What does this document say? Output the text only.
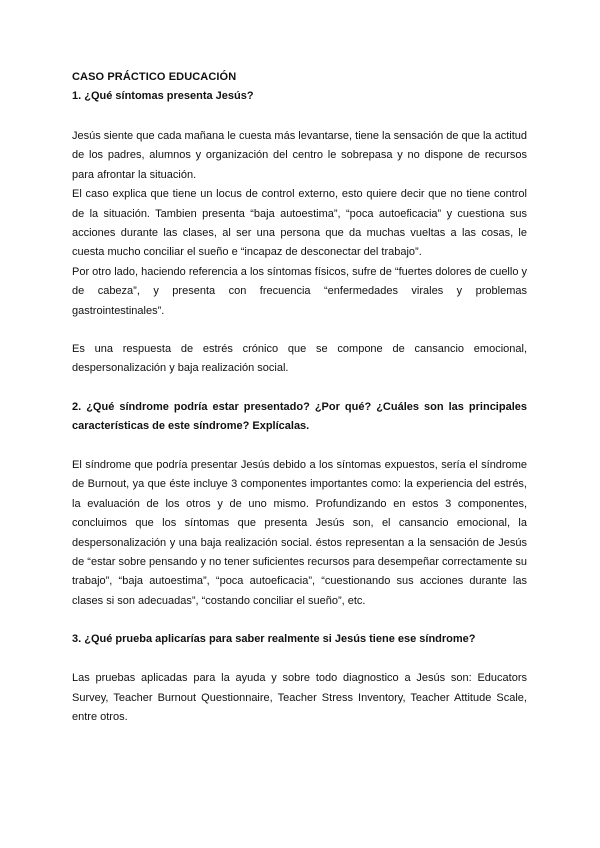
CASO PRÁCTICO EDUCACIÓN

1. ¿Qué síntomas presenta Jesús?

Jesús siente que cada mañana le cuesta más levantarse, tiene la sensación de que la actitud de los padres, alumnos y organización del centro le sobrepasa y no dispone de recursos para afrontar la situación.

El caso explica que tiene un locus de control externo, esto quiere decir que no tiene control de la situación. Tambien presenta “baja autoestima”, “poca autoeficacia” y cuestiona sus acciones durante las clases, al ser una persona que da muchas vueltas a las cosas, le cuesta mucho conciliar el sueño e “incapaz de desconectar del trabajo”.

Por otro lado, haciendo referencia a los síntomas físicos, sufre de “fuertes dolores de cuello y de cabeza”, y presenta con frecuencia “enfermedades virales y problemas gastrointestinales”.

Es una respuesta de estrés crónico que se compone de cansancio emocional, despersonalización y baja realización social.

2. ¿Qué síndrome podría estar presentado? ¿Por qué? ¿Cuáles son las principales características de este síndrome? Explícalas.

El síndrome que podría presentar Jesús debido a los síntomas expuestos, sería el síndrome de Burnout, ya que éste incluye 3 componentes importantes como: la experiencia del estrés, la evaluación de los otros y de uno mismo. Profundizando en estos 3 componentes, concluimos que los síntomas que presenta Jesús son, el cansancio emocional, la despersonalización y una baja realización social. éstos representan a la sensación de Jesús de “estar sobre pensando y no tener suficientes recursos para desempeñar correctamente su trabajo”, “baja autoestima”, “poca autoeficacia”, “cuestionando sus acciones durante las clases si son adecuadas”, “costando conciliar el sueño”, etc.

3. ¿Qué prueba aplicarías para saber realmente si Jesús tiene ese síndrome?

Las pruebas aplicadas para la ayuda y sobre todo diagnostico a Jesús son: Educators Survey, Teacher Burnout Questionnaire, Teacher Stress Inventory, Teacher Attitude Scale, entre otros.
